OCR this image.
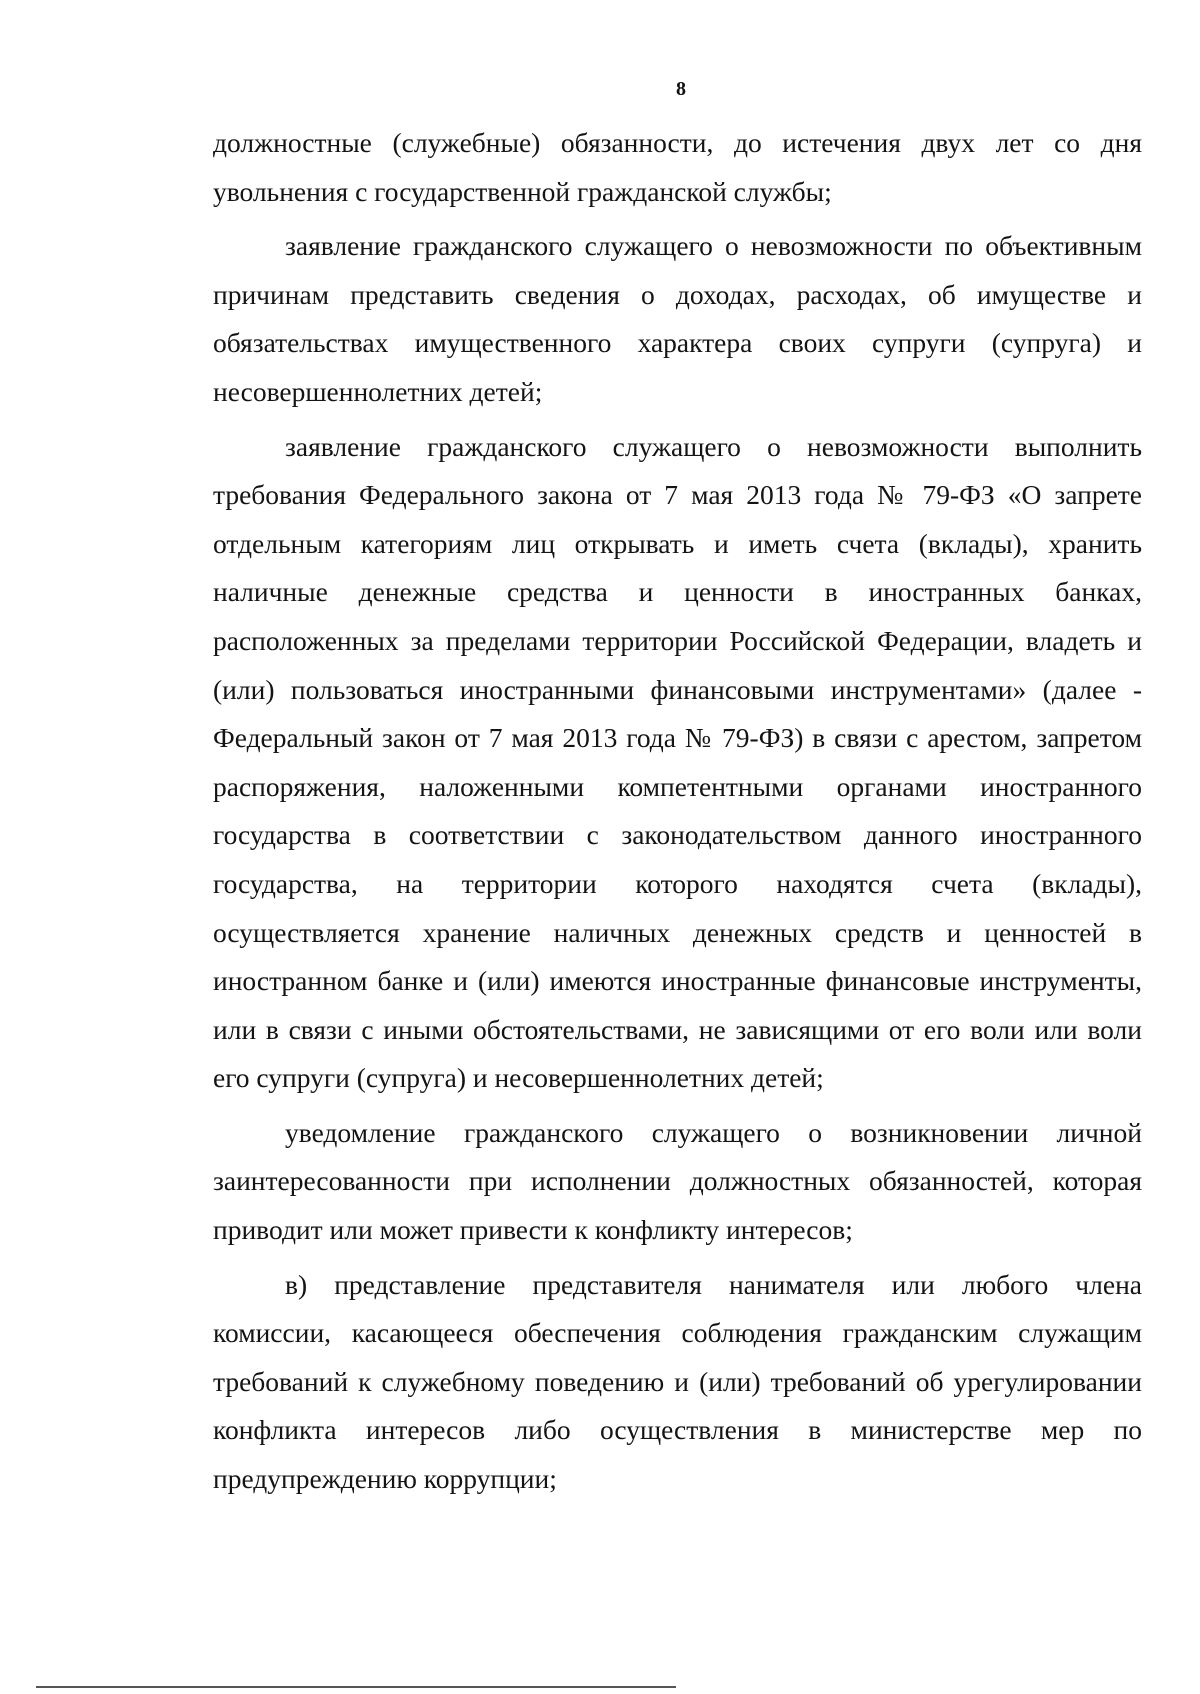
8

должностные (служебные) обязанности, до истечения двух лет со дня увольнения с государственной гражданской службы;

заявление гражданского служащего о невозможности по объективным причинам представить сведения о доходах, расходах, об имуществе и обязательствах имущественного характера своих супруги (супруга) и несовершеннолетних детей;

заявление гражданского служащего о невозможности выполнить требования Федерального закона от 7 мая 2013 года № 79-ФЗ «О запрете отдельным категориям лиц открывать и иметь счета (вклады), хранить наличные денежные средства и ценности в иностранных банках, расположенных за пределами территории Российской Федерации, владеть и (или) пользоваться иностранными финансовыми инструментами» (далее - Федеральный закон от 7 мая 2013 года № 79-ФЗ) в связи с арестом, запретом распоряжения, наложенными компетентными органами иностранного государства в соответствии с законодательством данного иностранного государства, на территории которого находятся счета (вклады), осуществляется хранение наличных денежных средств и ценностей в иностранном банке и (или) имеются иностранные финансовые инструменты, или в связи с иными обстоятельствами, не зависящими от его воли или воли его супруги (супруга) и несовершеннолетних детей;

уведомление гражданского служащего о возникновении личной заинтересованности при исполнении должностных обязанностей, которая приводит или может привести к конфликту интересов;

в) представление представителя нанимателя или любого члена комиссии, касающееся обеспечения соблюдения гражданским служащим требований к служебному поведению и (или) требований об урегулировании конфликта интересов либо осуществления в министерстве мер по предупреждению коррупции;
